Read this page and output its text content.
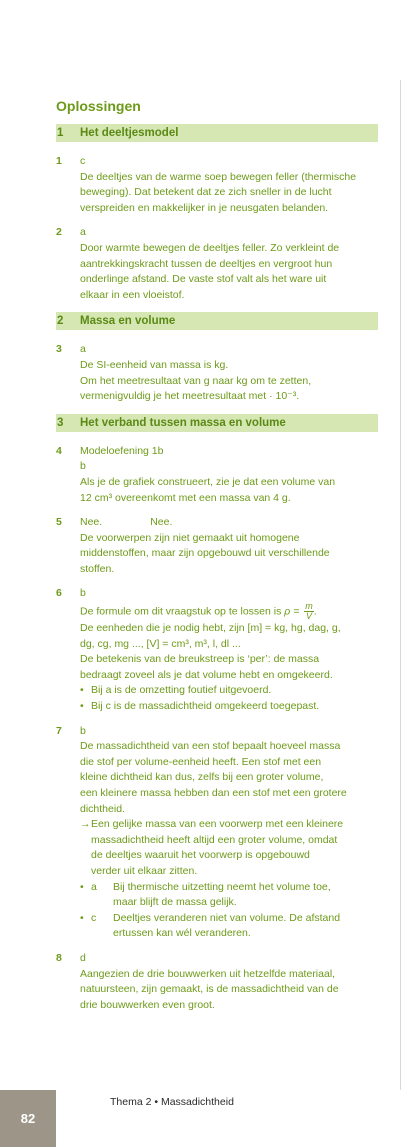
Oplossingen
1	Het deeltjesmodel
1	c
De deeltjes van de warme soep bewegen feller (thermische
beweging). Dat betekent dat ze zich sneller in de lucht
verspreiden en makkelijker in je neusgaten belanden.
2	a
Door warmte bewegen de deeltjes feller. Zo verkleint de
aantrekkingskracht tussen de deeltjes en vergroot hun
onderlinge afstand. De vaste stof valt als het ware uit
elkaar in een vloeistof.
2	Massa en volume
3	a
De SI-eenheid van massa is kg.
Om het meetresultaat van g naar kg om te zetten,
vermenigvuldig je het meetresultaat met · 10⁻³.
3	Het verband tussen massa en volume
4	Modeloefening 1b
b
Als je de grafiek construeert, zie je dat een volume van
12 cm³ overeenkomt met een massa van 4 g.
5	Nee.	Nee.
De voorwerpen zijn niet gemaakt uit homogene
middenstoffen, maar zijn opgebouwd uit verschillende
stoffen.
6	b
De formule om dit vraagstuk op te lossen is $\rho = \frac{m}{V}$ .
De eenheden die je nodig hebt, zijn [m] = kg, hg, dag, g,
dg, cg, mg ..., [V] = cm³, m³, l, dl ...
De betekenis van de breukstreep is ‘per’: de massa
bedraagt zoveel als je dat volume hebt en omgekeerd.
• Bij a is de omzetting foutief uitgevoerd.
• Bij c is de massadichtheid omgekeerd toegepast.
7	b
De massadichtheid van een stof bepaalt hoeveel massa
die stof per volume-eenheid heeft. Een stof met een
kleine dichtheid kan dus, zelfs bij een groter volume,
een kleinere massa hebben dan een stof met een grotere
dichtheid.
→ Een gelijke massa van een voorwerp met een kleinere
massadichtheid heeft altijd een groter volume, omdat
de deeltjes waaruit het voorwerp is opgebouwd
verder uit elkaar zitten.
• a	Bij thermische uitzetting neemt het volume toe,
maar blijft de massa gelijk.
• c	Deeltjes veranderen niet van volume. De afstand
ertussen kan wél veranderen.
8	d
Aangezien de drie bouwwerken uit hetzelfde materiaal,
natuursteen, zijn gemaakt, is de massadichtheid van de
drie bouwwerken even groot.
82
Thema 2 • Massadichtheid
